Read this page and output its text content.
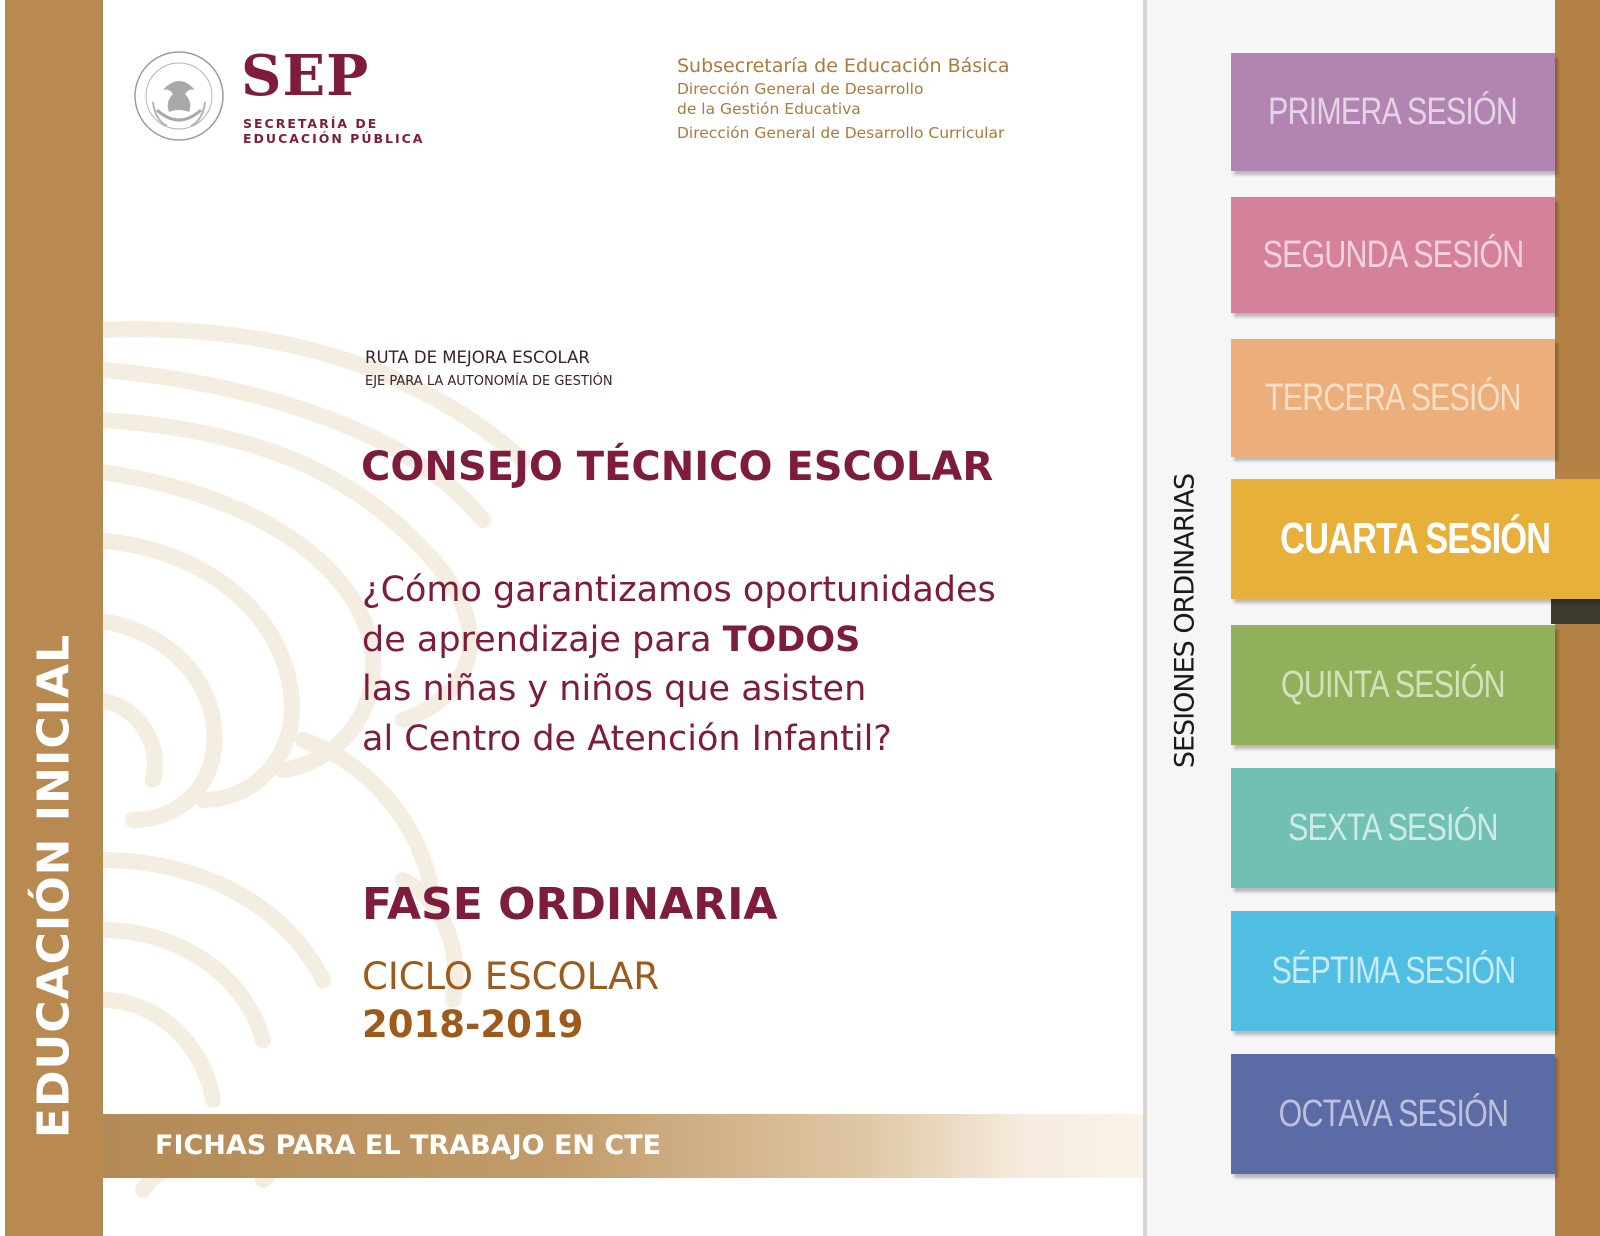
EDUCACIÓN INICIAL
SEP
SECRETARÍA DE
EDUCACIÓN PÚBLICA
Subsecretaría de Educación Básica
Dirección General de Desarrollo
de la Gestión Educativa
Dirección General de Desarrollo Curricular
RUTA DE MEJORA ESCOLAR
EJE PARA LA AUTONOMÍA DE GESTIÓN
CONSEJO TÉCNICO ESCOLAR
¿Cómo garantizamos oportunidades
de aprendizaje para TODOS
las niñas y niños que asisten
al Centro de Atención Infantil?
FASE ORDINARIA
CICLO ESCOLAR
2018-2019
FICHAS PARA EL TRABAJO EN CTE
SESIONES ORDINARIAS
PRIMERA SESIÓN
SEGUNDA SESIÓN
TERCERA SESIÓN
CUARTA SESIÓN
QUINTA SESIÓN
SEXTA SESIÓN
SÉPTIMA SESIÓN
OCTAVA SESIÓN
